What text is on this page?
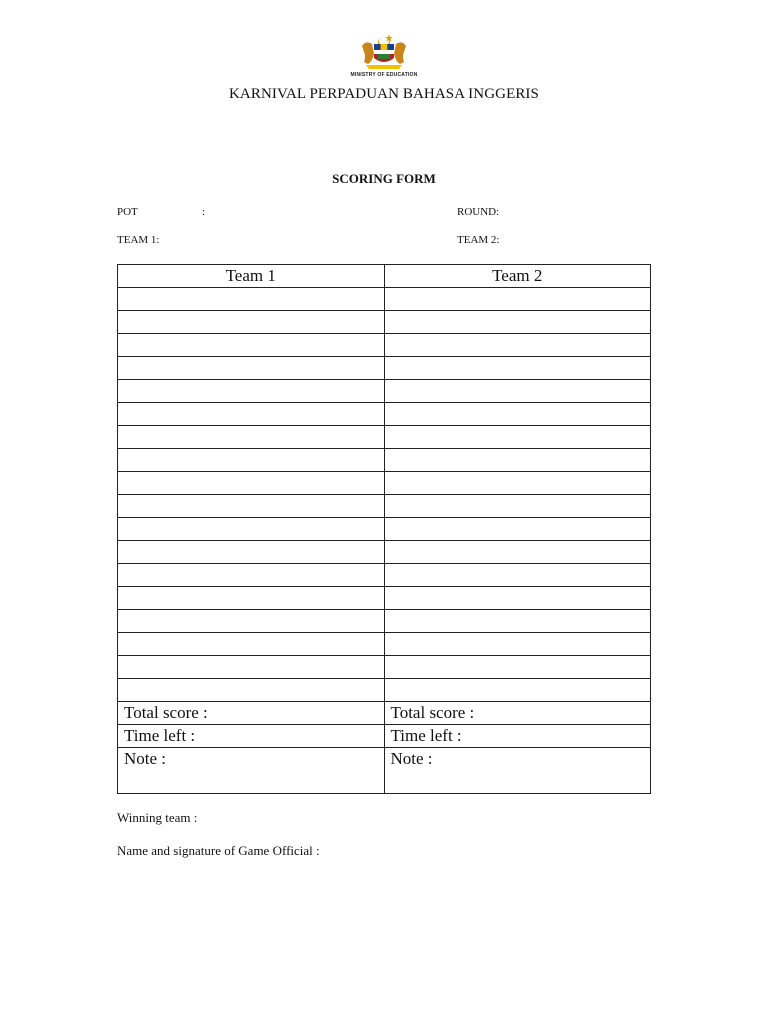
MINISTRY OF EDUCATION
KARNIVAL PERPADUAN BAHASA INGGERIS
SCORING FORM
POT	:	ROUND:
TEAM 1:	TEAM 2:
Team 1	Team 2

Total score :	Total score :
Time left :	Time left :
Note :	Note :
Winning team :
Name and signature of Game Official :
